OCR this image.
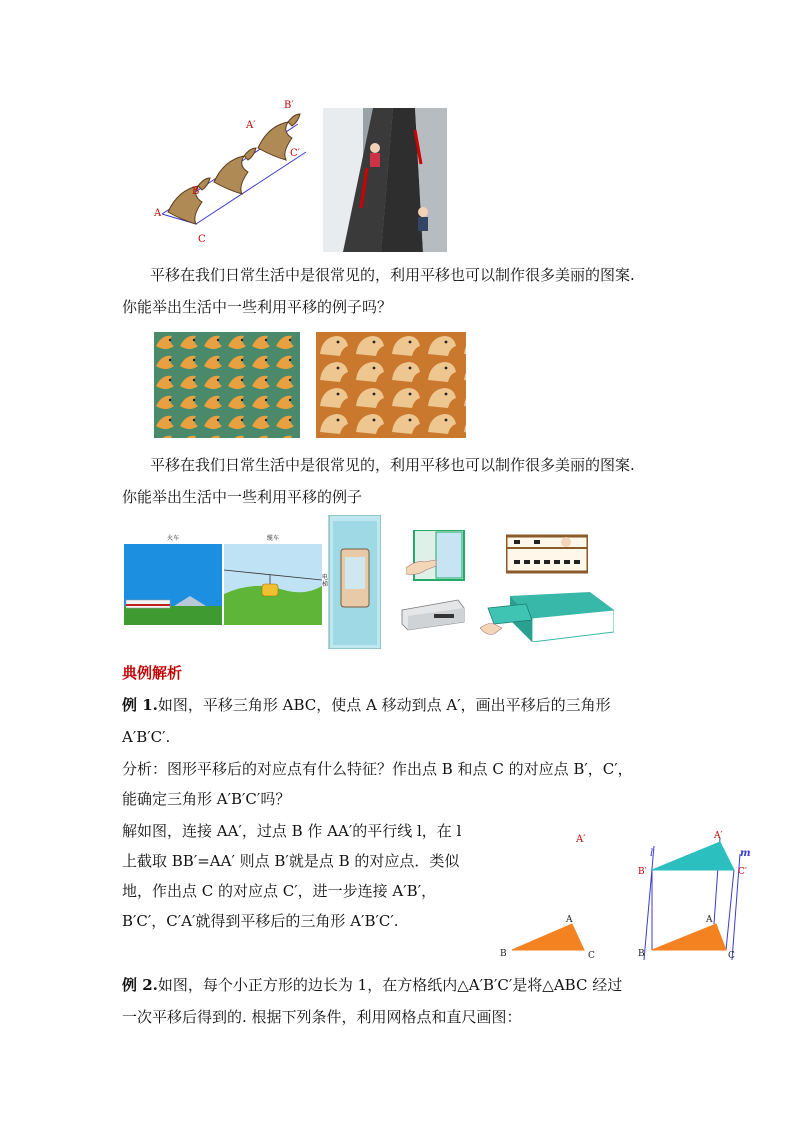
A
B
C
A′
B′
C′
平移在我们日常生活中是很常见的，利用平移也可以制作很多美丽的图案.
你能举出生活中一些利用平移的例子吗？
平移在我们日常生活中是很常见的，利用平移也可以制作很多美丽的图案.
你能举出生活中一些利用平移的例子
火车	缆车
电梯
典例解析
例 1.如图，平移三角形 ABC，使点 A 移动到点 A′，画出平移后的三角形
A′B′C′.
分析：图形平移后的对应点有什么特征？作出点 B 和点 C 的对应点 B′，C′，
能确定三角形 A′B′C′吗？
解如图，连接 AA′，过点 B 作 AA′的平行线 l，在 l
上截取 BB′=AA′ 则点 B′就是点 B 的对应点．类似
地，作出点 C 的对应点 C′，进一步连接 A′B′，
B′C′，C′A′就得到平移后的三角形 A′B′C′.
A′
A
B	C
l	m
A′
B′	C′
A
B	C
例 2.如图，每个小正方形的边长为 1，在方格纸内△A′B′C′是将△ABC 经过
一次平移后得到的. 根据下列条件，利用网格点和直尺画图：
